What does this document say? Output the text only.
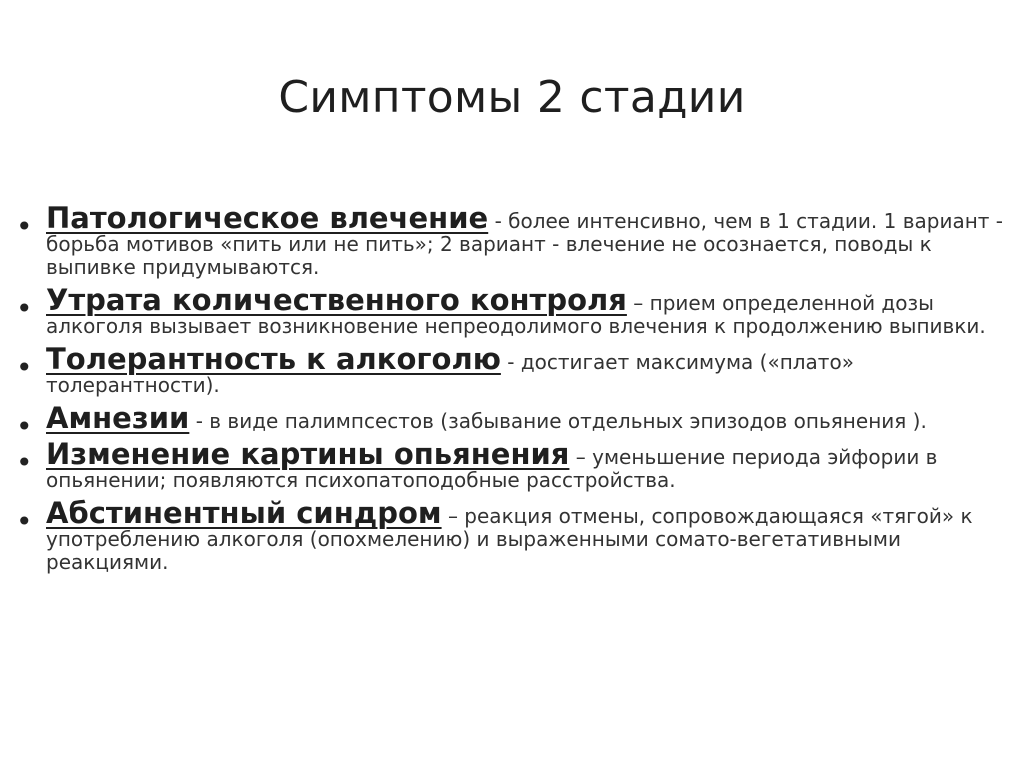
Симптомы 2 стадии
• Патологическое влечение - более интенсивно, чем в 1 стадии. 1 вариант - борьба мотивов «пить или не пить»; 2 вариант - влечение не осознается, поводы к выпивке придумываются.
• Утрата количественного контроля – прием определенной дозы алкоголя вызывает возникновение непреодолимого влечения к продолжению выпивки.
• Толерантность к алкоголю - достигает максимума («плато» толерантности).
• Амнезии - в виде палимпсестов (забывание отдельных эпизодов опьянения ).
• Изменение картины опьянения – уменьшение периода эйфории в опьянении; появляются психопатоподобные расстройства.
• Абстинентный синдром – реакция отмены, сопровождающаяся «тягой» к употреблению алкоголя (опохмелению) и выраженными сомато-вегетативными реакциями.
